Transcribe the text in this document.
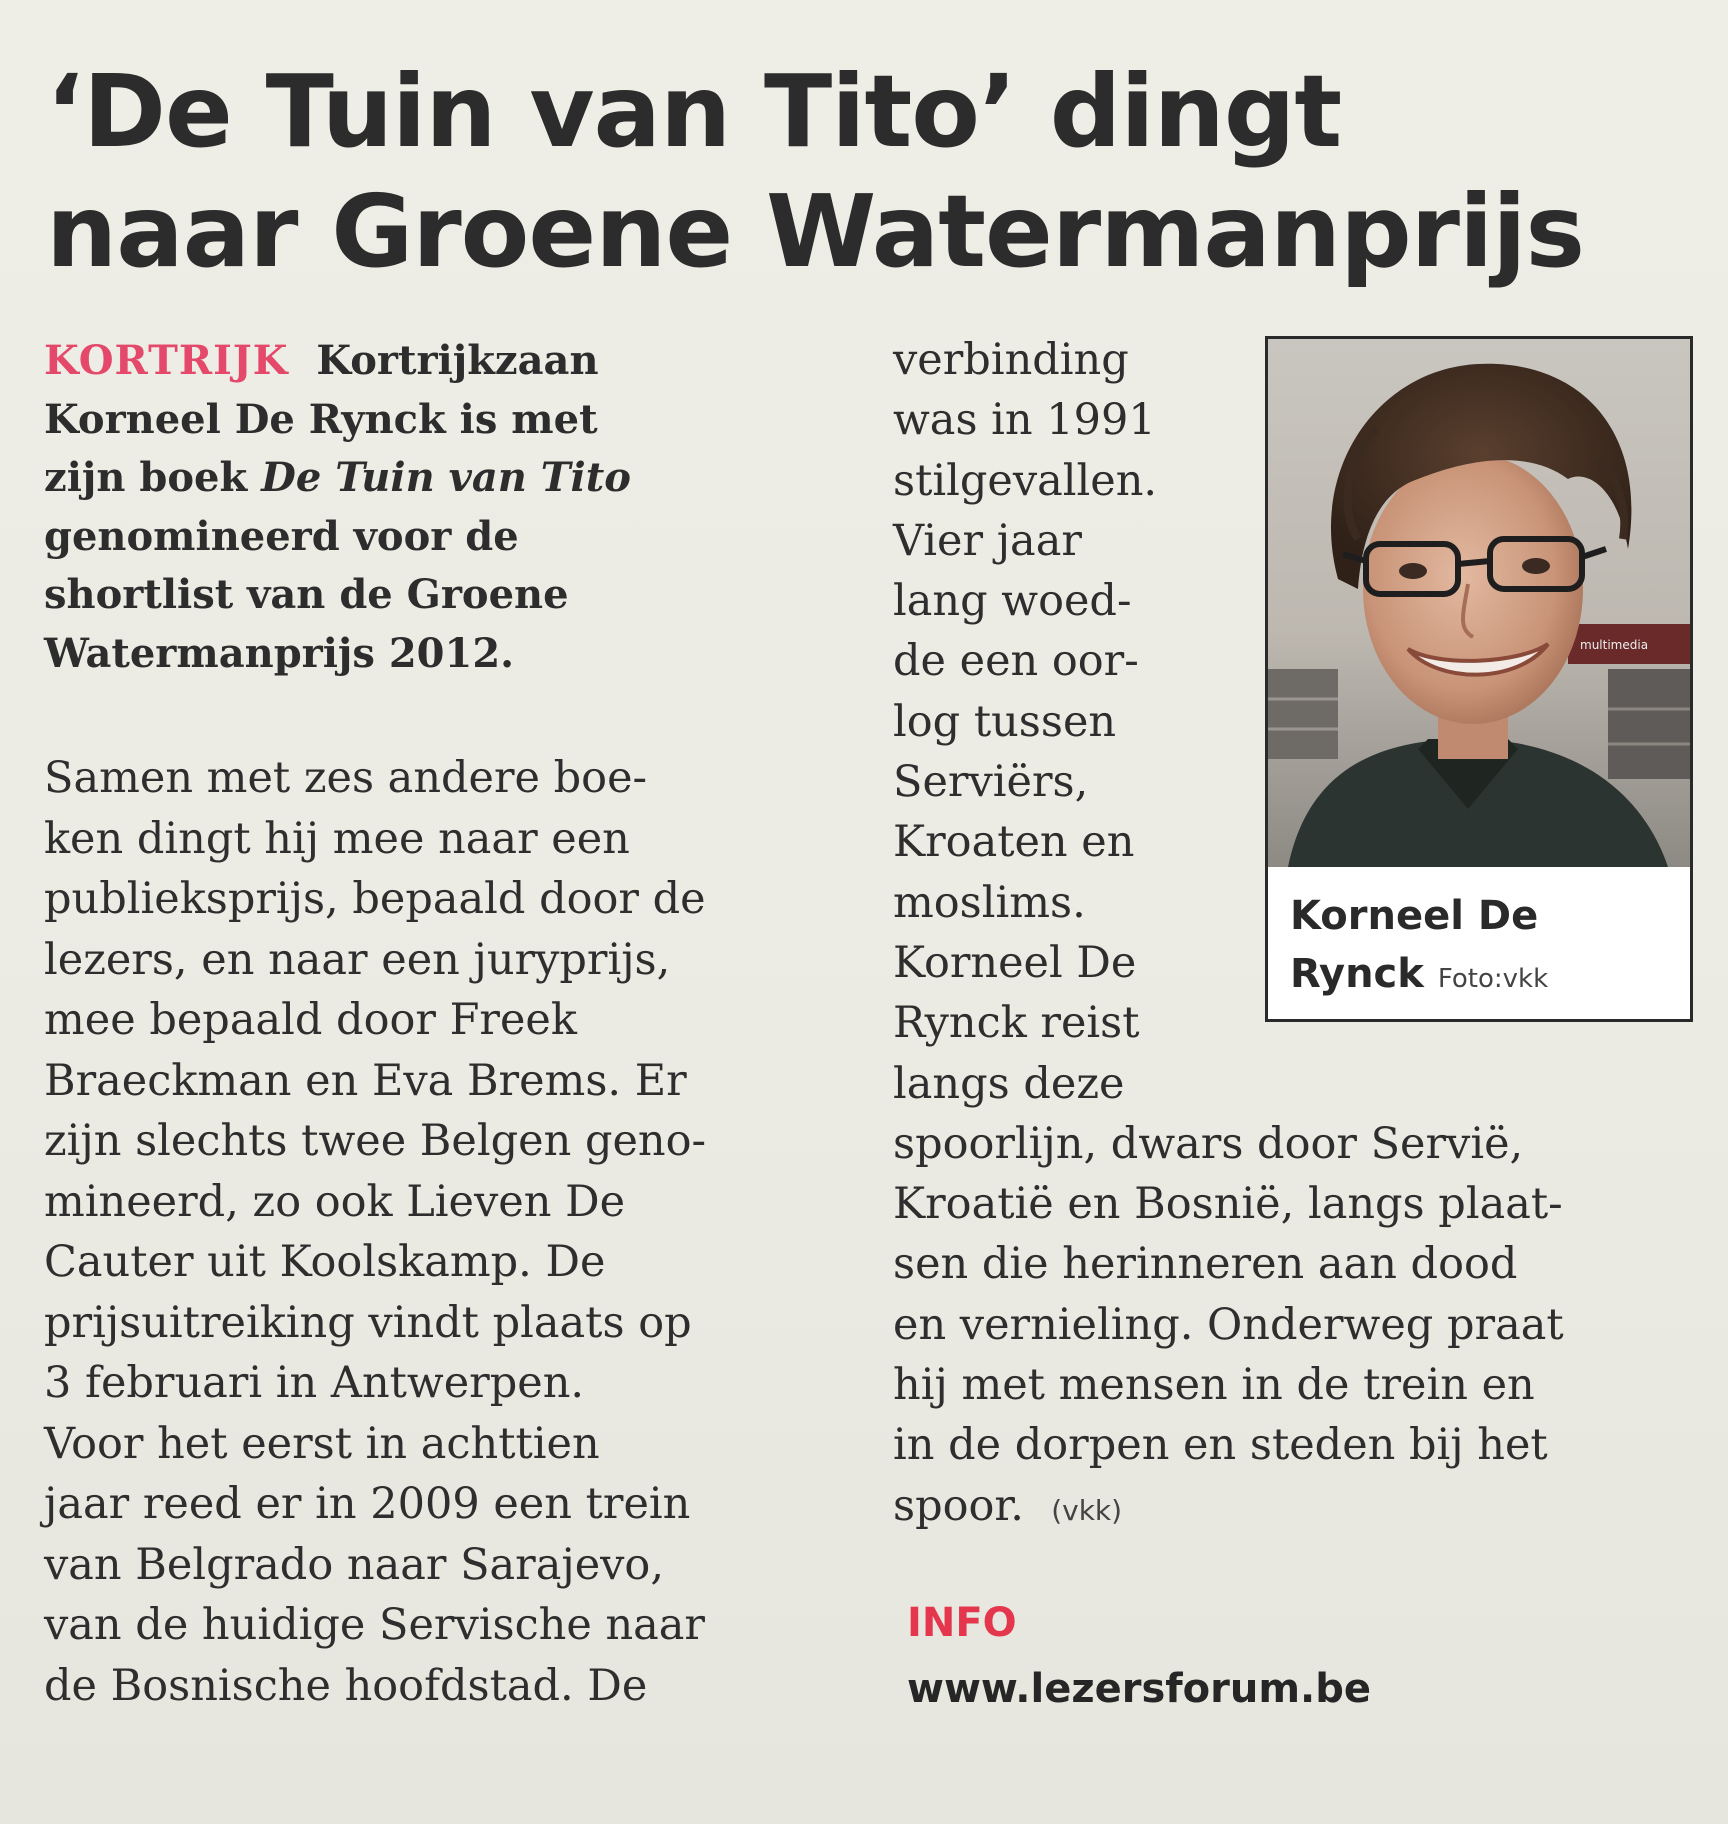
‘De Tuin van Tito’ dingt
naar Groene Watermanprijs
KORTRIJK Kortrijkzaan
Korneel De Rynck is met
zijn boek De Tuin van Tito
genomineerd voor de
shortlist van de Groene
Watermanprijs 2012.
Samen met zes andere boe-
ken dingt hij mee naar een
publieksprijs, bepaald door de
lezers, en naar een juryprijs,
mee bepaald door Freek
Braeckman en Eva Brems. Er
zijn slechts twee Belgen geno-
mineerd, zo ook Lieven De
Cauter uit Koolskamp. De
prijsuitreiking vindt plaats op
3 februari in Antwerpen.
Voor het eerst in achttien
jaar reed er in 2009 een trein
van Belgrado naar Sarajevo,
van de huidige Servische naar
de Bosnische hoofdstad. De
verbinding
was in 1991
stilgevallen.
Vier jaar
lang woed-
de een oor-
log tussen
Serviërs,
Kroaten en
moslims.
Korneel De
Rynck reist
langs deze
spoorlijn, dwars door Servië,
Kroatië en Bosnië, langs plaat-
sen die herinneren aan dood
en vernieling. Onderweg praat
hij met mensen in de trein en
in de dorpen en steden bij het
spoor. (vkk)
multimedia
Korneel De
Rynck Foto:vkk
INFO
www.lezersforum.be
